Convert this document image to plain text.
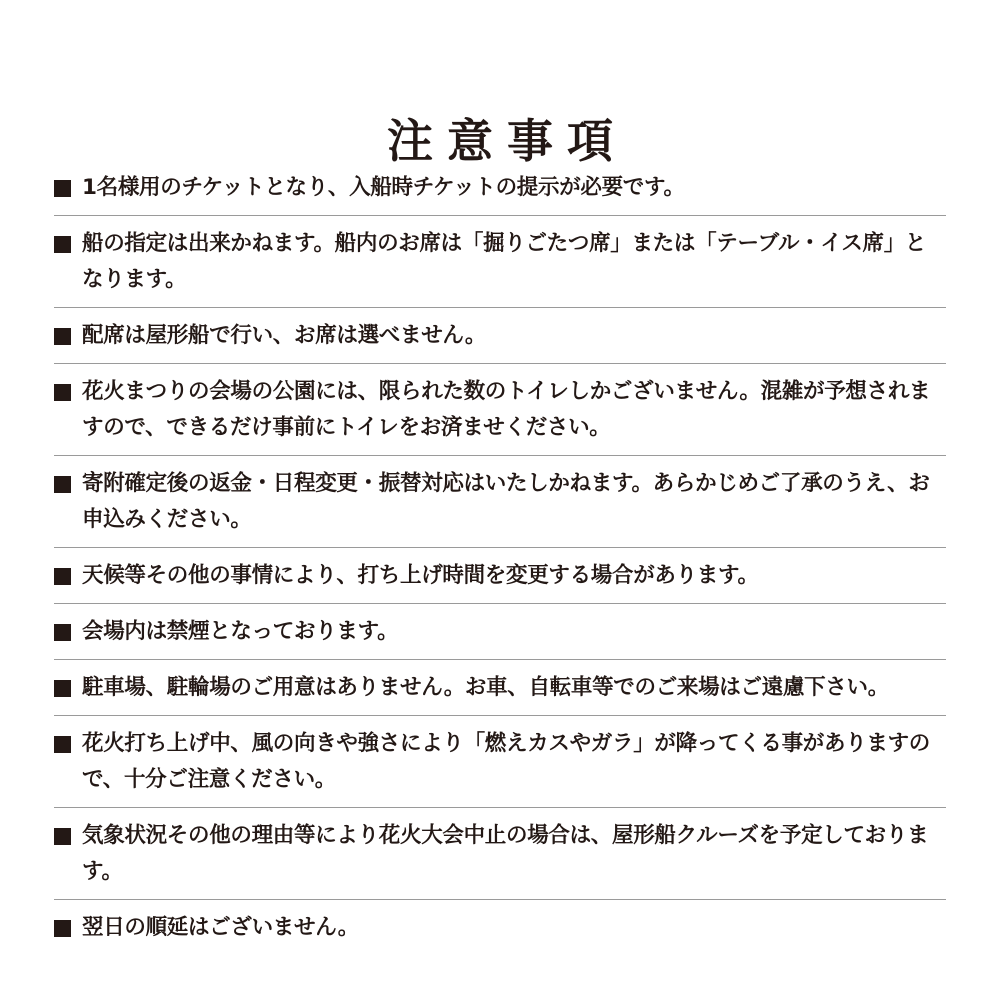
注意事項
1名様用のチケットとなり、入船時チケットの提示が必要です。
船の指定は出来かねます。船内のお席は「掘りごたつ席」または「テーブル・イス席」となります。
配席は屋形船で行い、お席は選べません。
花火まつりの会場の公園には、限られた数のトイレしかございません。混雑が予想されますので、できるだけ事前にトイレをお済ませください。
寄附確定後の返金・日程変更・振替対応はいたしかねます。あらかじめご了承のうえ、お申込みください。
天候等その他の事情により、打ち上げ時間を変更する場合があります。
会場内は禁煙となっております。
駐車場、駐輪場のご用意はありません。お車、自転車等でのご来場はご遠慮下さい。
花火打ち上げ中、風の向きや強さにより「燃えカスやガラ」が降ってくる事がありますので、十分ご注意ください。
気象状況その他の理由等により花火大会中止の場合は、屋形船クルーズを予定しております。
翌日の順延はございません。
